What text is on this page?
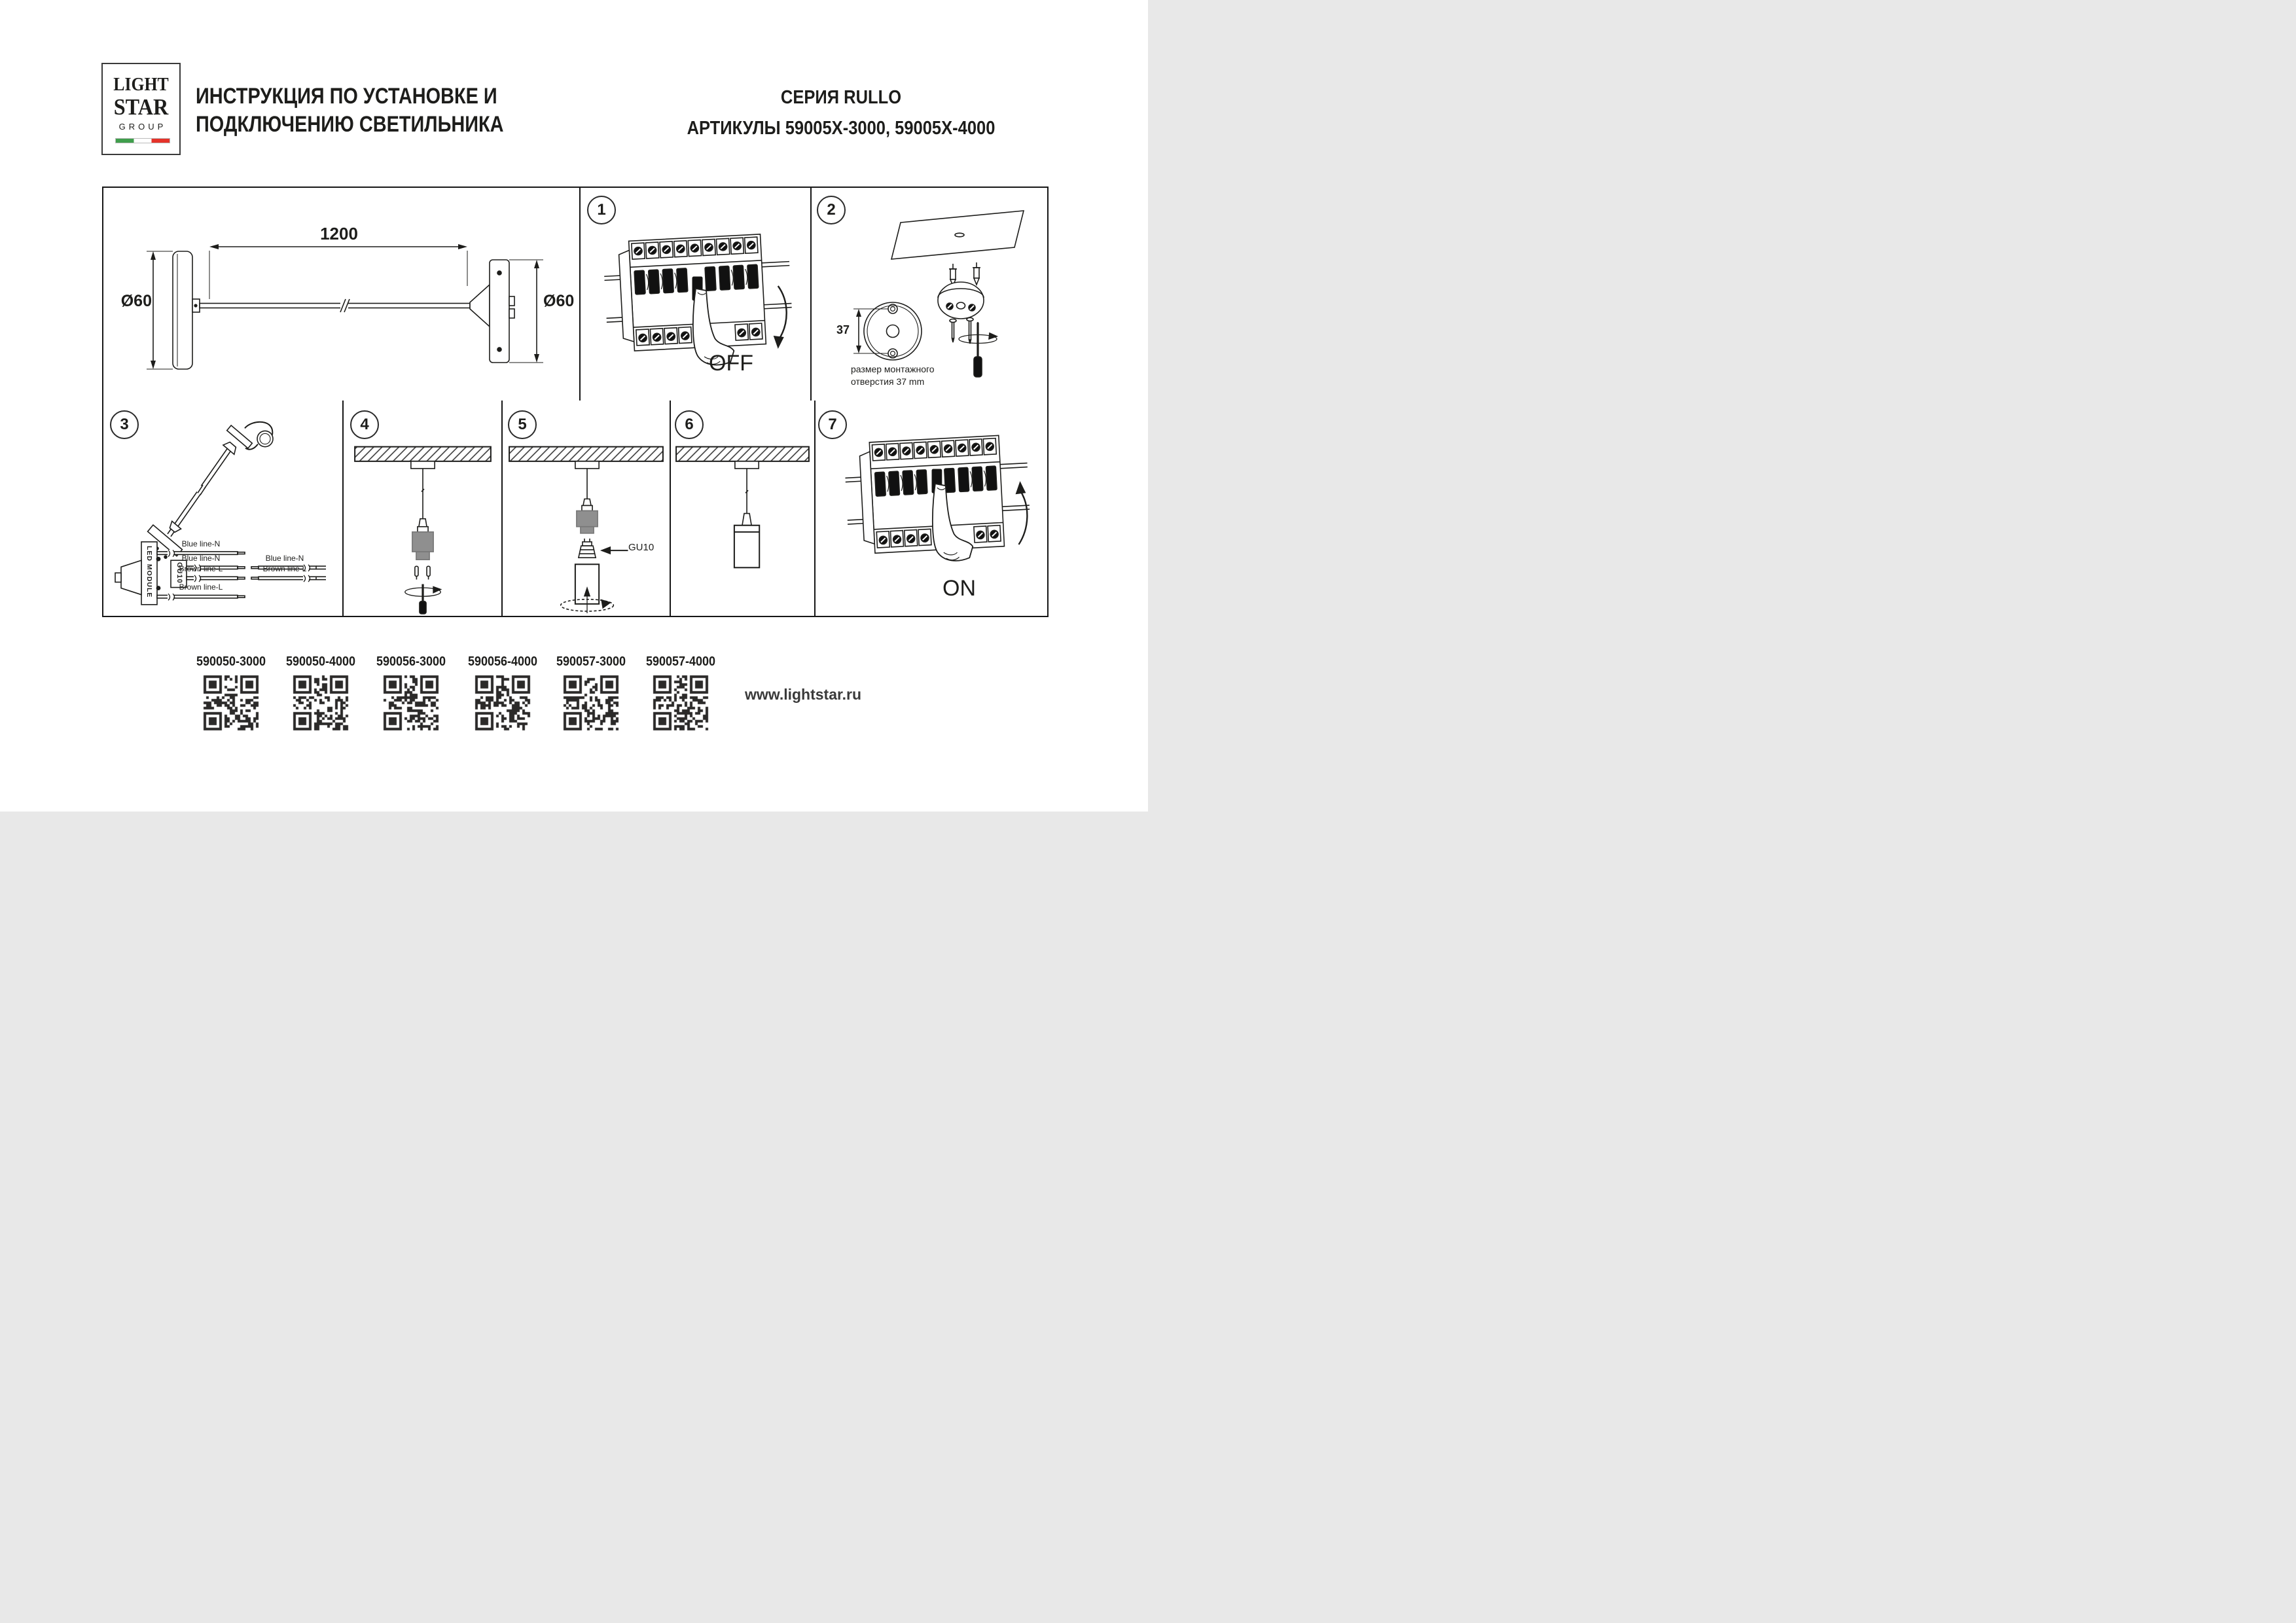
LIGHT
STAR
GROUP
ИНСТРУКЦИЯ ПО УСТАНОВКЕ И
ПОДКЛЮЧЕНИЮ СВЕТИЛЬНИКА
СЕРИЯ RULLO
АРТИКУЛЫ 59005X-3000, 59005X-4000
1	2
3	4	5	6	7
Ø60
1200
Ø60
OFF
ON
37
размер монтажного
отверстия 37 mm
LED MODULE	GU10
Blue line-N
Blue line-N
Brown line-L
Brown line-L
Blue line-N
Brown line-L
GU10
590050-3000	590050-4000	590056-3000	590056-4000	590057-3000	590057-4000
www.lightstar.ru
